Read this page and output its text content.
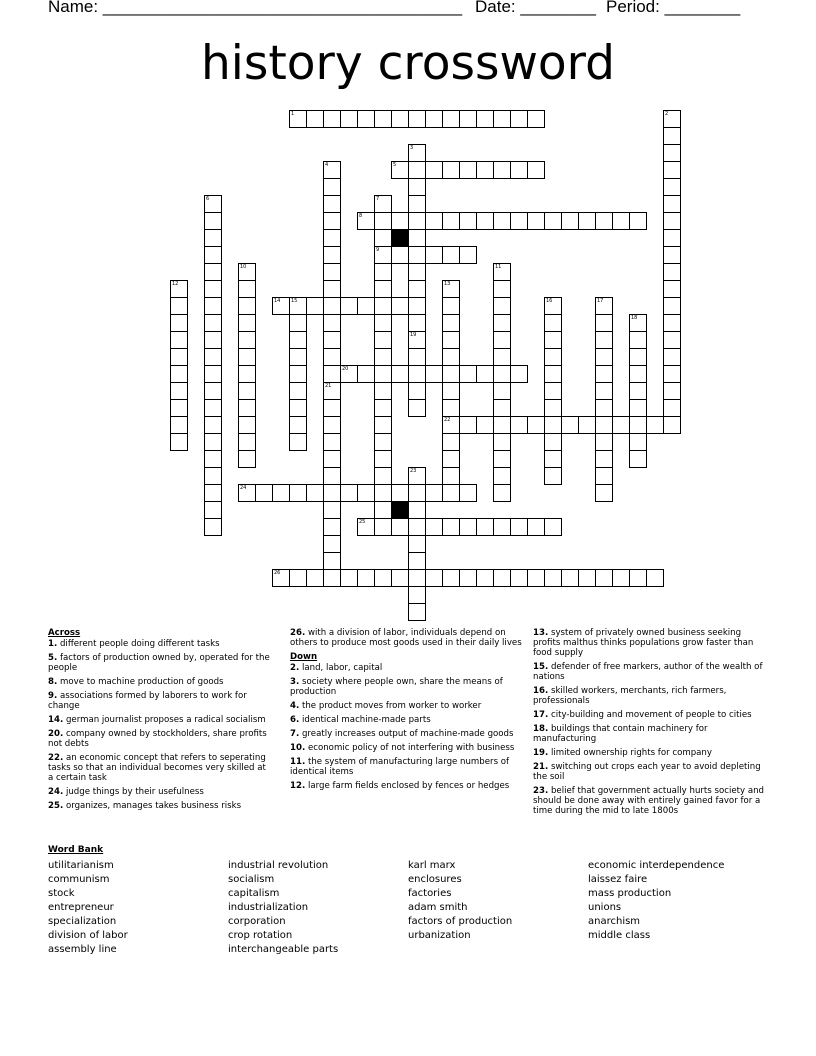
Name: ______________________________________ Date: ________ Period: ________
history crossword
1	2
3
19
4
21
5
6	7
9
8
10	11
12	13
22
14 15	16	17
18
20
23
24
25
26
Across
1. different people doing different tasks
5. factors of production owned by, operated for the people
8. move to machine production of goods
9. associations formed by laborers to work for change
14. german journalist proposes a radical socialism
20. company owned by stockholders, share profits not debts
22. an economic concept that refers to seperating tasks so that an individual becomes very skilled at a certain task
24. judge things by their usefulness
25. organizes, manages takes business risks
26. with a division of labor, individuals depend on others to produce most goods used in their daily lives
Down
2. land, labor, capital
3. society where people own, share the means of production
4. the product moves from worker to worker
6. identical machine-made parts
7. greatly increases output of machine-made goods
10. economic policy of not interfering with business
11. the system of manufacturing large numbers of identical items
12. large farm fields enclosed by fences or hedges
13. system of privately owned business seeking profits malthus thinks populations grow faster than food supply
15. defender of free markers, author of the wealth of nations
16. skilled workers, merchants, rich farmers, professionals
17. city-building and movement of people to cities
18. buildings that contain machinery for manufacturing
19. limited ownership rights for company
21. switching out crops each year to avoid depleting the soil
23. belief that government actually hurts society and should be done away with entirely gained favor for a time during the mid to late 1800s
Word Bank
utilitarianism
communism
stock
entrepreneur
specialization
division of labor
assembly line
industrial revolution
socialism
capitalism
industrialization
corporation
crop rotation
interchangeable parts
karl marx
enclosures
factories
adam smith
factors of production
urbanization
economic interdependence
laissez faire
mass production
unions
anarchism
middle class
